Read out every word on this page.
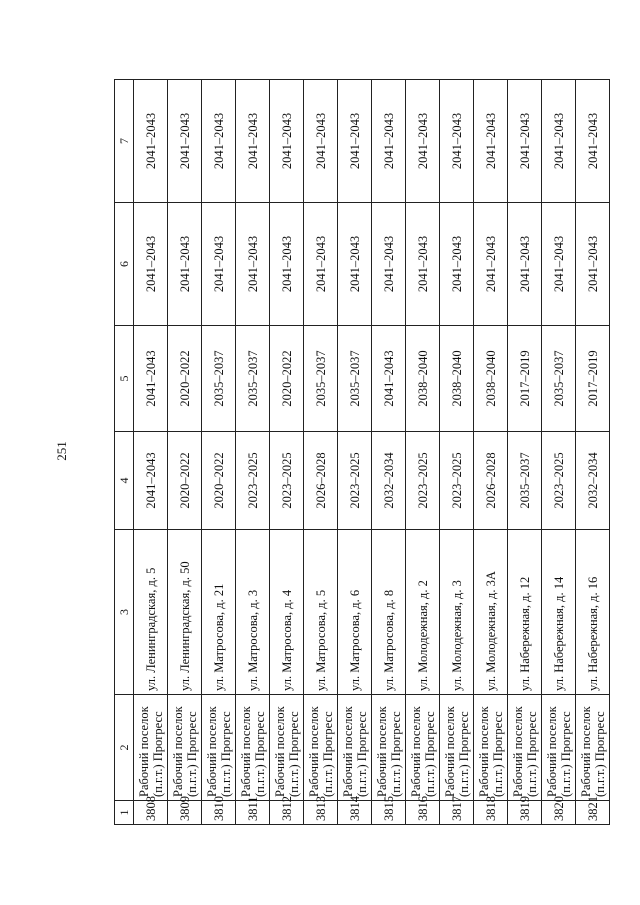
251
1	2	3	4	5	6	7
3808	Рабочий поселок (п.г.т.) Прогресс	ул. Ленинградская, д. 5	2041–2043	2041–2043	2041–2043	2041–2043
3809	Рабочий поселок (п.г.т.) Прогресс	ул. Ленинградская, д. 50	2020–2022	2020–2022	2041–2043	2041–2043
3810	Рабочий поселок (п.г.т.) Прогресс	ул. Матросова, д. 21	2020–2022	2035–2037	2041–2043	2041–2043
3811	Рабочий поселок (п.г.т.) Прогресс	ул. Матросова, д. 3	2023–2025	2035–2037	2041–2043	2041–2043
3812	Рабочий поселок (п.г.т.) Прогресс	ул. Матросова, д. 4	2023–2025	2020–2022	2041–2043	2041–2043
3813	Рабочий поселок (п.г.т.) Прогресс	ул. Матросова, д. 5	2026–2028	2035–2037	2041–2043	2041–2043
3814	Рабочий поселок (п.г.т.) Прогресс	ул. Матросова, д. 6	2023–2025	2035–2037	2041–2043	2041–2043
3815	Рабочий поселок (п.г.т.) Прогресс	ул. Матросова, д. 8	2032–2034	2041–2043	2041–2043	2041–2043
3816	Рабочий поселок (п.г.т.) Прогресс	ул. Молодежная, д. 2	2023–2025	2038–2040	2041–2043	2041–2043
3817	Рабочий поселок (п.г.т.) Прогресс	ул. Молодежная, д. 3	2023–2025	2038–2040	2041–2043	2041–2043
3818	Рабочий поселок (п.г.т.) Прогресс	ул. Молодежная, д. 3А	2026–2028	2038–2040	2041–2043	2041–2043
3819	Рабочий поселок (п.г.т.) Прогресс	ул. Набережная, д. 12	2035–2037	2017–2019	2041–2043	2041–2043
3820	Рабочий поселок (п.г.т.) Прогресс	ул. Набережная, д. 14	2023–2025	2035–2037	2041–2043	2041–2043
3821	Рабочий поселок (п.г.т.) Прогресс	ул. Набережная, д. 16	2032–2034	2017–2019	2041–2043	2041–2043
